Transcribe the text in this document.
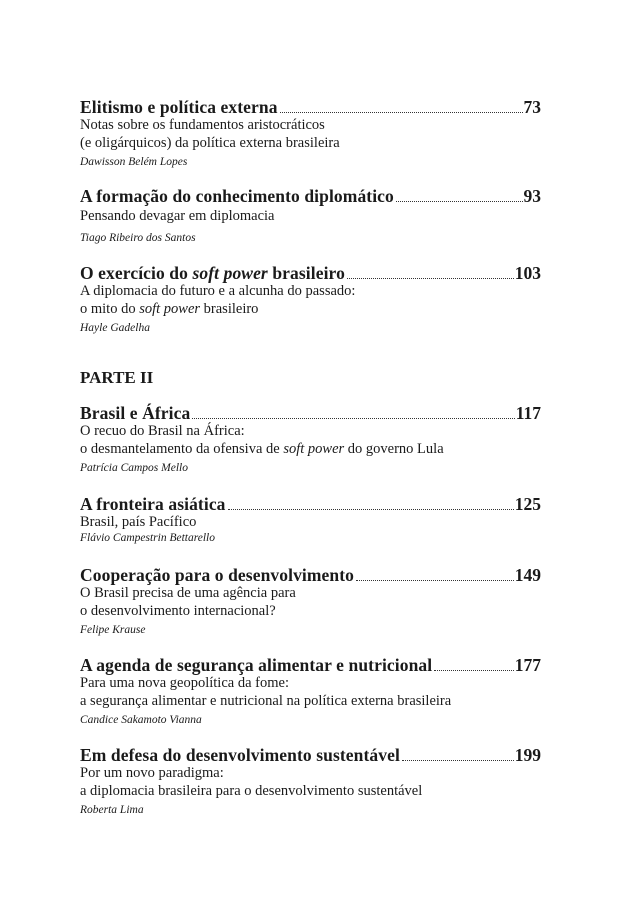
Elitismo e política externa	73
Notas sobre os fundamentos aristocráticos
(e oligárquicos) da política externa brasileira
Dawisson Belém Lopes
A formação do conhecimento diplomático	93
Pensando devagar em diplomacia
Tiago Ribeiro dos Santos
O exercício do soft power brasileiro	103
A diplomacia do futuro e a alcunha do passado:
o mito do soft power brasileiro
Hayle Gadelha
PARTE II
Brasil e África	117
O recuo do Brasil na África:
o desmantelamento da ofensiva de soft power do governo Lula
Patrícia Campos Mello
A fronteira asiática	125
Brasil, país Pacífico
Flávio Campestrin Bettarello
Cooperação para o desenvolvimento	149
O Brasil precisa de uma agência para
o desenvolvimento internacional?
Felipe Krause
A agenda de segurança alimentar e nutricional	177
Para uma nova geopolítica da fome:
a segurança alimentar e nutricional na política externa brasileira
Candice Sakamoto Vianna
Em defesa do desenvolvimento sustentável	199
Por um novo paradigma:
a diplomacia brasileira para o desenvolvimento sustentável
Roberta Lima
